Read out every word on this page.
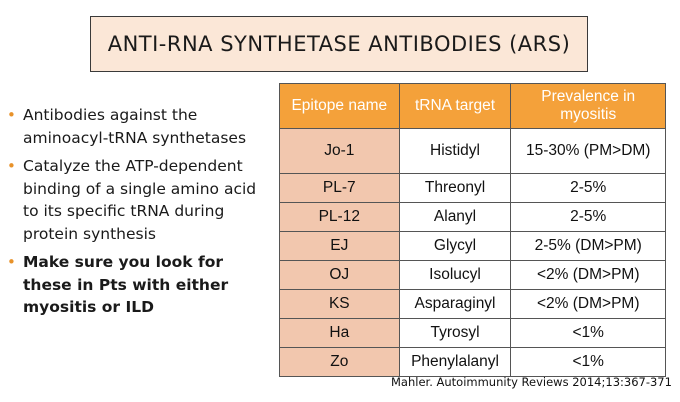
ANTI-RNA SYNTHETASE ANTIBODIES (ARS)
• Antibodies against the aminoacyl-tRNA synthetases
• Catalyze the ATP-dependent binding of a single amino acid to its specific tRNA during protein synthesis
• Make sure you look for these in Pts with either myositis or ILD
Epitope name	tRNA target	Prevalence in myositis
Jo-1	Histidyl	15-30% (PM>DM)
PL-7	Threonyl	2-5%
PL-12	Alanyl	2-5%
EJ	Glycyl	2-5% (DM>PM)
OJ	Isolucyl	<2% (DM>PM)
KS	Asparaginyl	<2% (DM>PM)
Ha	Tyrosyl	<1%
Zo	Phenylalanyl	<1%
Mahler. Autoimmunity Reviews 2014;13:367-371
